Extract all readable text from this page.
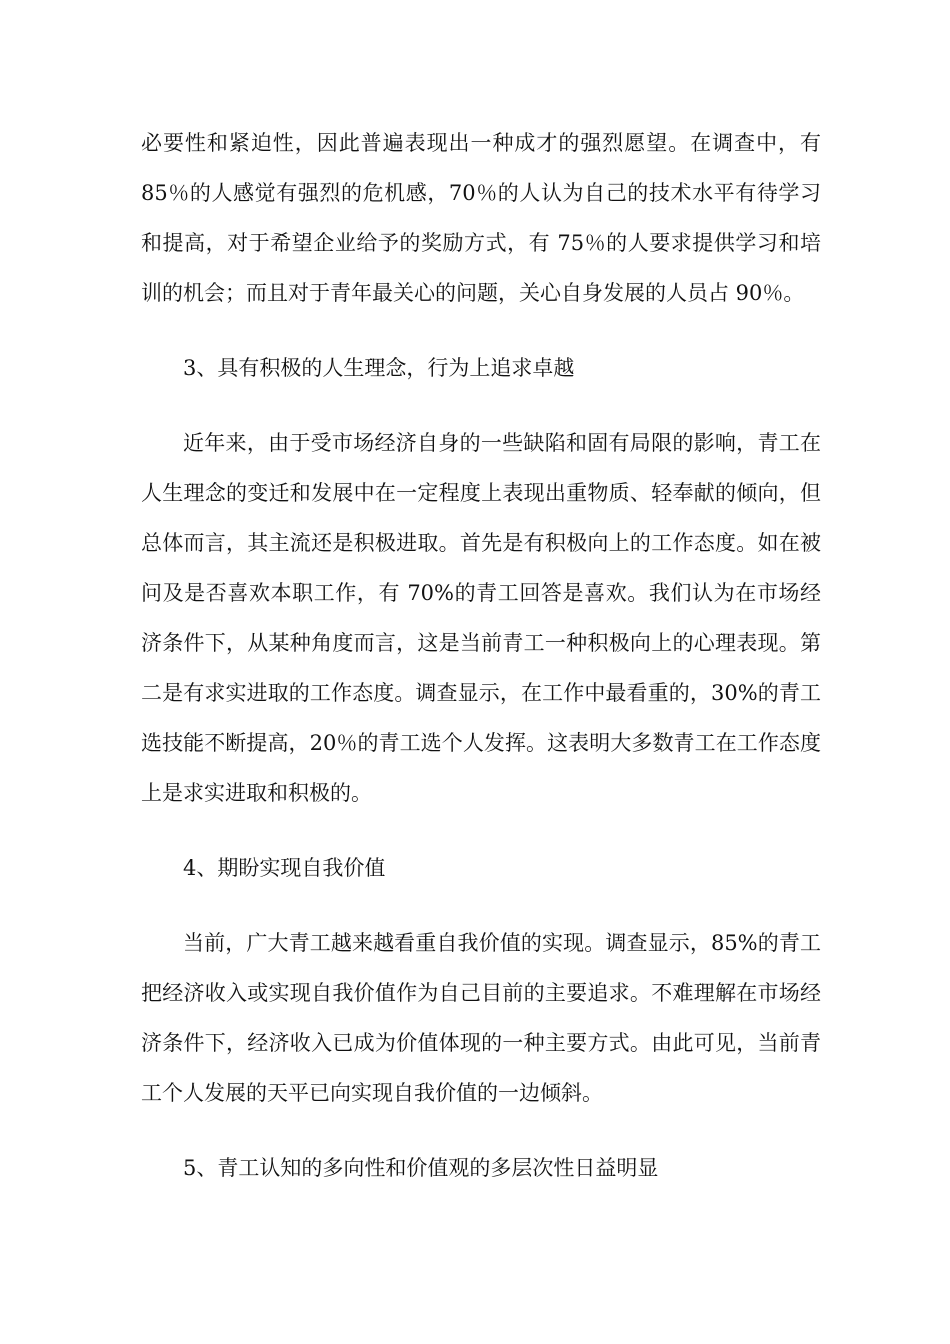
必要性和紧迫性，因此普遍表现出一种成才的强烈愿望。在调查中，有 85％的人感觉有强烈的危机感，70％的人认为自己的技术水平有待学习和提高，对于希望企业给予的奖励方式，有 75％的人要求提供学习和培训的机会；而且对于青年最关心的问题，关心自身发展的人员占 90％。

3、具有积极的人生理念，行为上追求卓越

近年来，由于受市场经济自身的一些缺陷和固有局限的影响，青工在人生理念的变迁和发展中在一定程度上表现出重物质、轻奉献的倾向，但总体而言，其主流还是积极进取。首先是有积极向上的工作态度。如在被问及是否喜欢本职工作，有 70%的青工回答是喜欢。我们认为在市场经济条件下，从某种角度而言，这是当前青工一种积极向上的心理表现。第二是有求实进取的工作态度。调查显示，在工作中最看重的，30%的青工选技能不断提高，20％的青工选个人发挥。这表明大多数青工在工作态度上是求实进取和积极的。

4、期盼实现自我价值

当前，广大青工越来越看重自我价值的实现。调查显示，85%的青工把经济收入或实现自我价值作为自己目前的主要追求。不难理解在市场经济条件下，经济收入已成为价值体现的一种主要方式。由此可见，当前青工个人发展的天平已向实现自我价值的一边倾斜。

5、青工认知的多向性和价值观的多层次性日益明显
